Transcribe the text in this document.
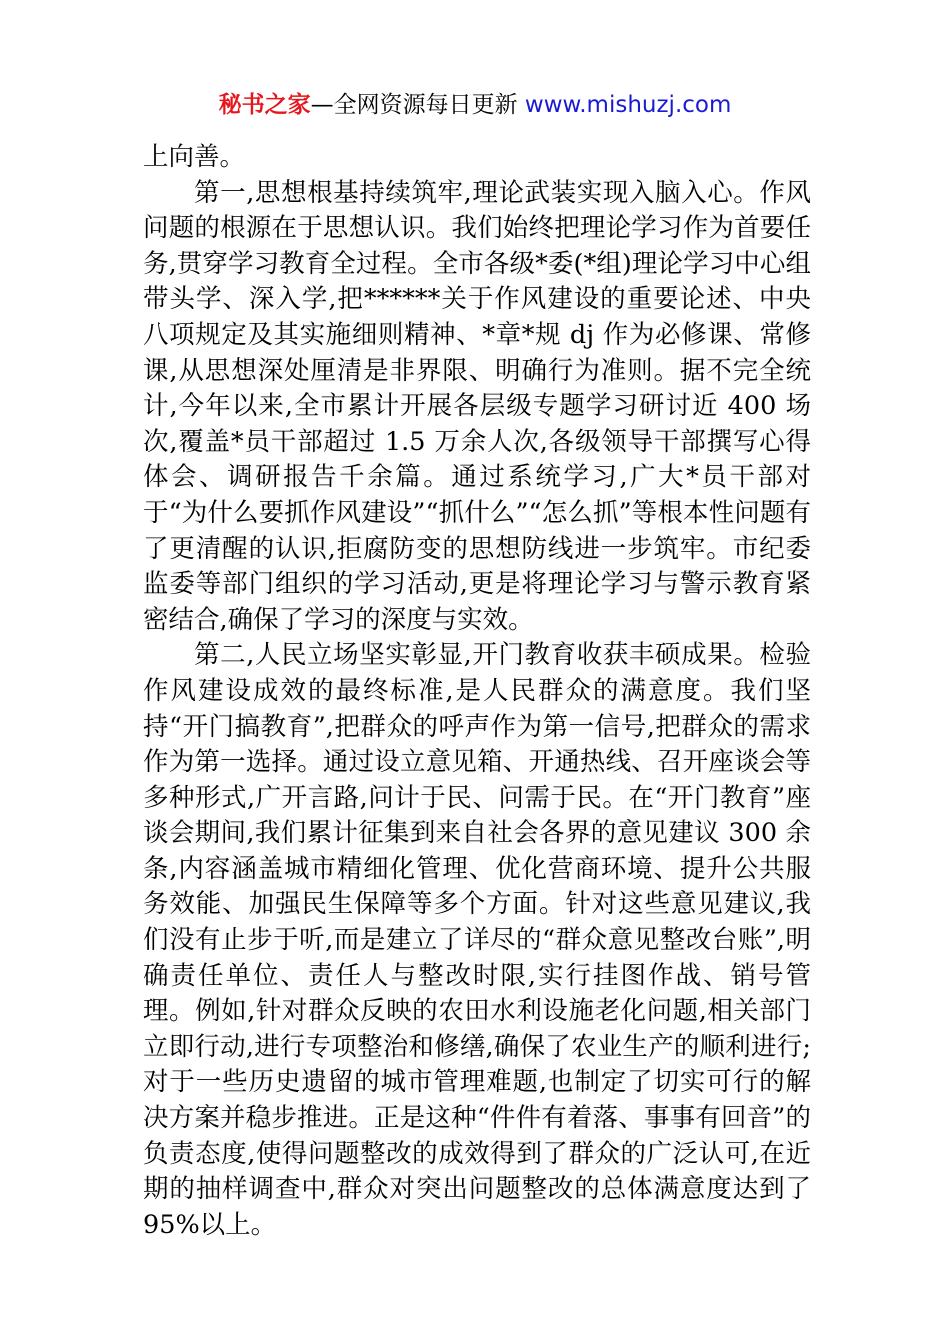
秘书之家—全网资源每日更新 www.mishuzj.com

上向善。

第一,思想根基持续筑牢,理论武装实现入脑入心。作风问题的根源在于思想认识。我们始终把理论学习作为首要任务,贯穿学习教育全过程。全市各级*委(*组)理论学习中心组带头学、深入学,把******关于作风建设的重要论述、中央八项规定及其实施细则精神、*章*规 dj 作为必修课、常修课,从思想深处厘清是非界限、明确行为准则。据不完全统计,今年以来,全市累计开展各层级专题学习研讨近 400 场次,覆盖*员干部超过 1.5 万余人次,各级领导干部撰写心得体会、调研报告千余篇。通过系统学习,广大*员干部对于“为什么要抓作风建设”“抓什么”“怎么抓”等根本性问题有了更清醒的认识,拒腐防变的思想防线进一步筑牢。市纪委监委等部门组织的学习活动,更是将理论学习与警示教育紧密结合,确保了学习的深度与实效。

第二,人民立场坚实彰显,开门教育收获丰硕成果。检验作风建设成效的最终标准,是人民群众的满意度。我们坚持“开门搞教育”,把群众的呼声作为第一信号,把群众的需求作为第一选择。通过设立意见箱、开通热线、召开座谈会等多种形式,广开言路,问计于民、问需于民。在“开门教育”座谈会期间,我们累计征集到来自社会各界的意见建议 300 余条,内容涵盖城市精细化管理、优化营商环境、提升公共服务效能、加强民生保障等多个方面。针对这些意见建议,我们没有止步于听,而是建立了详尽的“群众意见整改台账”,明确责任单位、责任人与整改时限,实行挂图作战、销号管理。例如,针对群众反映的农田水利设施老化问题,相关部门立即行动,进行专项整治和修缮,确保了农业生产的顺利进行;对于一些历史遗留的城市管理难题,也制定了切实可行的解决方案并稳步推进。正是这种“件件有着落、事事有回音”的负责态度,使得问题整改的成效得到了群众的广泛认可,在近期的抽样调查中,群众对突出问题整改的总体满意度达到了 95%以上。
